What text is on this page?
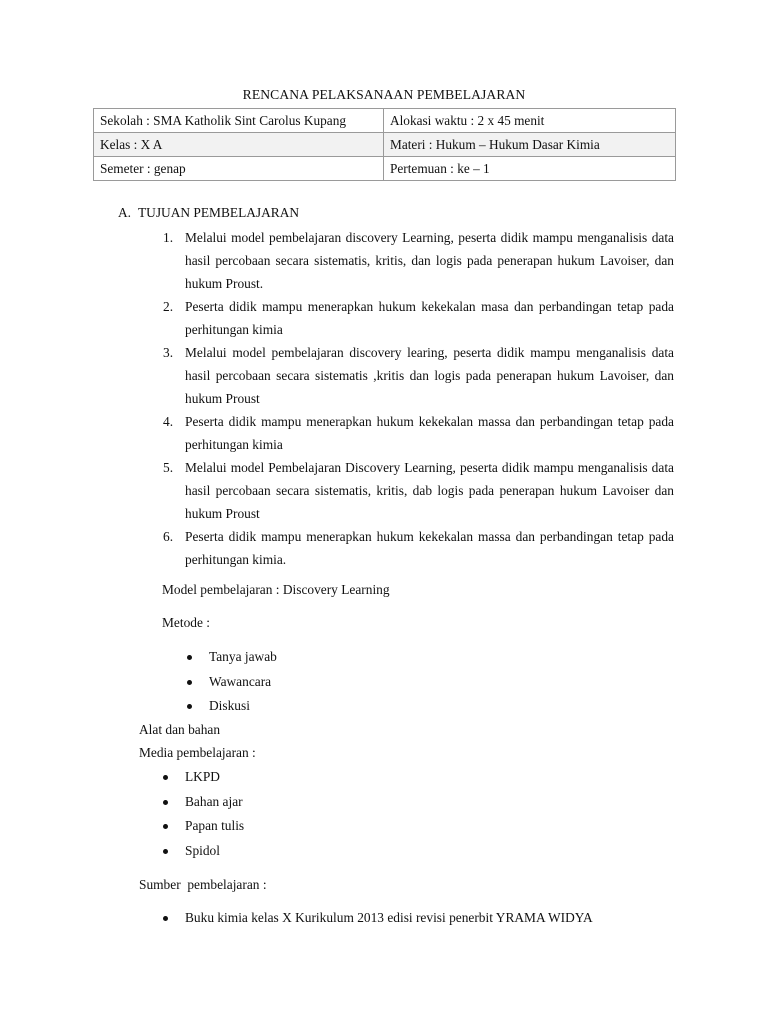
RENCANA PELAKSANAAN PEMBELAJARAN
Sekolah : SMA Katholik Sint Carolus Kupang	Alokasi waktu : 2 x 45 menit
Kelas : X A	Materi : Hukum – Hukum Dasar Kimia
Semeter : genap	Pertemuan : ke – 1
A. TUJUAN PEMBELAJARAN
1. Melalui model pembelajaran discovery Learning, peserta didik mampu menganalisis data hasil percobaan secara sistematis, kritis, dan logis pada penerapan hukum Lavoiser, dan hukum Proust.
2. Peserta didik mampu menerapkan hukum kekekalan masa dan perbandingan tetap pada perhitungan kimia
3. Melalui model pembelajaran discovery learing, peserta didik mampu menganalisis data hasil percobaan secara sistematis ,kritis dan logis pada penerapan hukum Lavoiser, dan hukum Proust
4. Peserta didik mampu menerapkan hukum kekekalan massa dan perbandingan tetap pada perhitungan kimia
5. Melalui model Pembelajaran Discovery Learning, peserta didik mampu menganalisis data hasil percobaan secara sistematis, kritis, dab logis pada penerapan hukum Lavoiser dan hukum Proust
6. Peserta didik mampu menerapkan hukum kekekalan massa dan perbandingan tetap pada perhitungan kimia.
Model pembelajaran : Discovery Learning
Metode :
Tanya jawab
Wawancara
Diskusi
Alat dan bahan
Media pembelajaran :
LKPD
Bahan ajar
Papan tulis
Spidol
Sumber  pembelajaran :
Buku kimia kelas X Kurikulum 2013 edisi revisi penerbit YRAMA WIDYA
